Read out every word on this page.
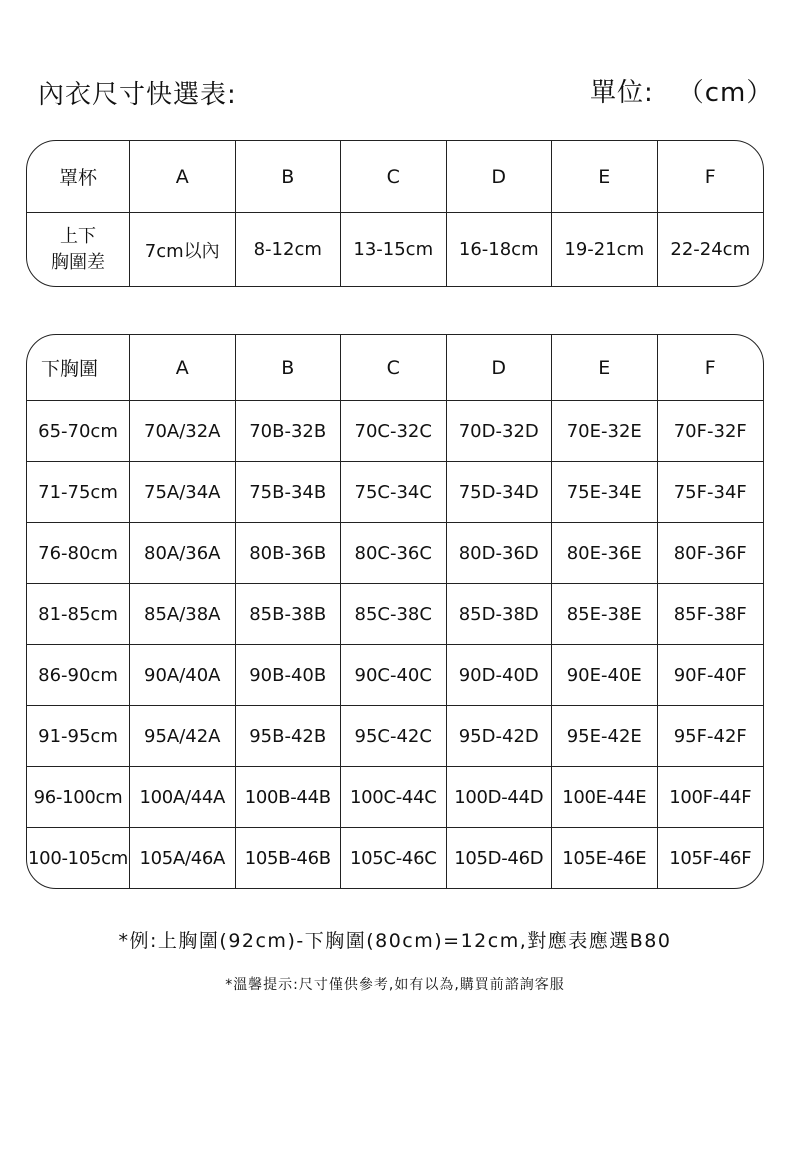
內衣尺寸快選表:	單位: （cm）
罩杯	A	B	C	D	E	F
上下
胸圍差	7cm以內	8-12cm	13-15cm	16-18cm	19-21cm	22-24cm
下胸圍	A	B	C	D	E	F
65-70cm	70A/32A	70B-32B	70C-32C	70D-32D	70E-32E	70F-32F
71-75cm	75A/34A	75B-34B	75C-34C	75D-34D	75E-34E	75F-34F
76-80cm	80A/36A	80B-36B	80C-36C	80D-36D	80E-36E	80F-36F
81-85cm	85A/38A	85B-38B	85C-38C	85D-38D	85E-38E	85F-38F
86-90cm	90A/40A	90B-40B	90C-40C	90D-40D	90E-40E	90F-40F
91-95cm	95A/42A	95B-42B	95C-42C	95D-42D	95E-42E	95F-42F
96-100cm	100A/44A	100B-44B	100C-44C	100D-44D	100E-44E	100F-44F
100-105cm	105A/46A	105B-46B	105C-46C	105D-46D	105E-46E	105F-46F
*例:上胸圍(92cm)-下胸圍(80cm)=12cm,對應表應選B80
*溫馨提示:尺寸僅供參考,如有以為,購買前諮詢客服
